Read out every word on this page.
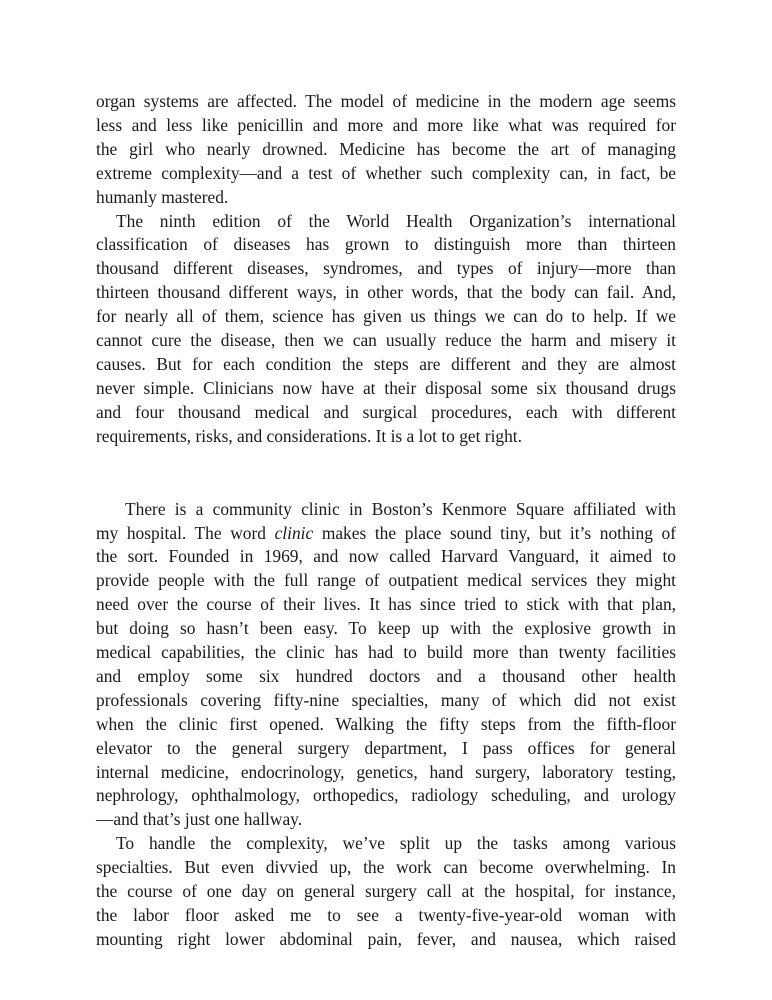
organ systems are affected. The model of medicine in the modern age seems
less and less like penicillin and more and more like what was required for
the girl who nearly drowned. Medicine has become the art of managing
extreme complexity—and a test of whether such complexity can, in fact, be
humanly mastered.
The ninth edition of the World Health Organization’s international
classification of diseases has grown to distinguish more than thirteen
thousand different diseases, syndromes, and types of injury—more than
thirteen thousand different ways, in other words, that the body can fail. And,
for nearly all of them, science has given us things we can do to help. If we
cannot cure the disease, then we can usually reduce the harm and misery it
causes. But for each condition the steps are different and they are almost
never simple. Clinicians now have at their disposal some six thousand drugs
and four thousand medical and surgical procedures, each with different
requirements, risks, and considerations. It is a lot to get right.
There is a community clinic in Boston’s Kenmore Square affiliated with
my hospital. The word clinic makes the place sound tiny, but it’s nothing of
the sort. Founded in 1969, and now called Harvard Vanguard, it aimed to
provide people with the full range of outpatient medical services they might
need over the course of their lives. It has since tried to stick with that plan,
but doing so hasn’t been easy. To keep up with the explosive growth in
medical capabilities, the clinic has had to build more than twenty facilities
and employ some six hundred doctors and a thousand other health
professionals covering fifty-nine specialties, many of which did not exist
when the clinic first opened. Walking the fifty steps from the fifth-floor
elevator to the general surgery department, I pass offices for general
internal medicine, endocrinology, genetics, hand surgery, laboratory testing,
nephrology, ophthalmology, orthopedics, radiology scheduling, and urology
—and that’s just one hallway.
To handle the complexity, we’ve split up the tasks among various
specialties. But even divvied up, the work can become overwhelming. In
the course of one day on general surgery call at the hospital, for instance,
the labor floor asked me to see a twenty-five-year-old woman with
mounting right lower abdominal pain, fever, and nausea, which raised
